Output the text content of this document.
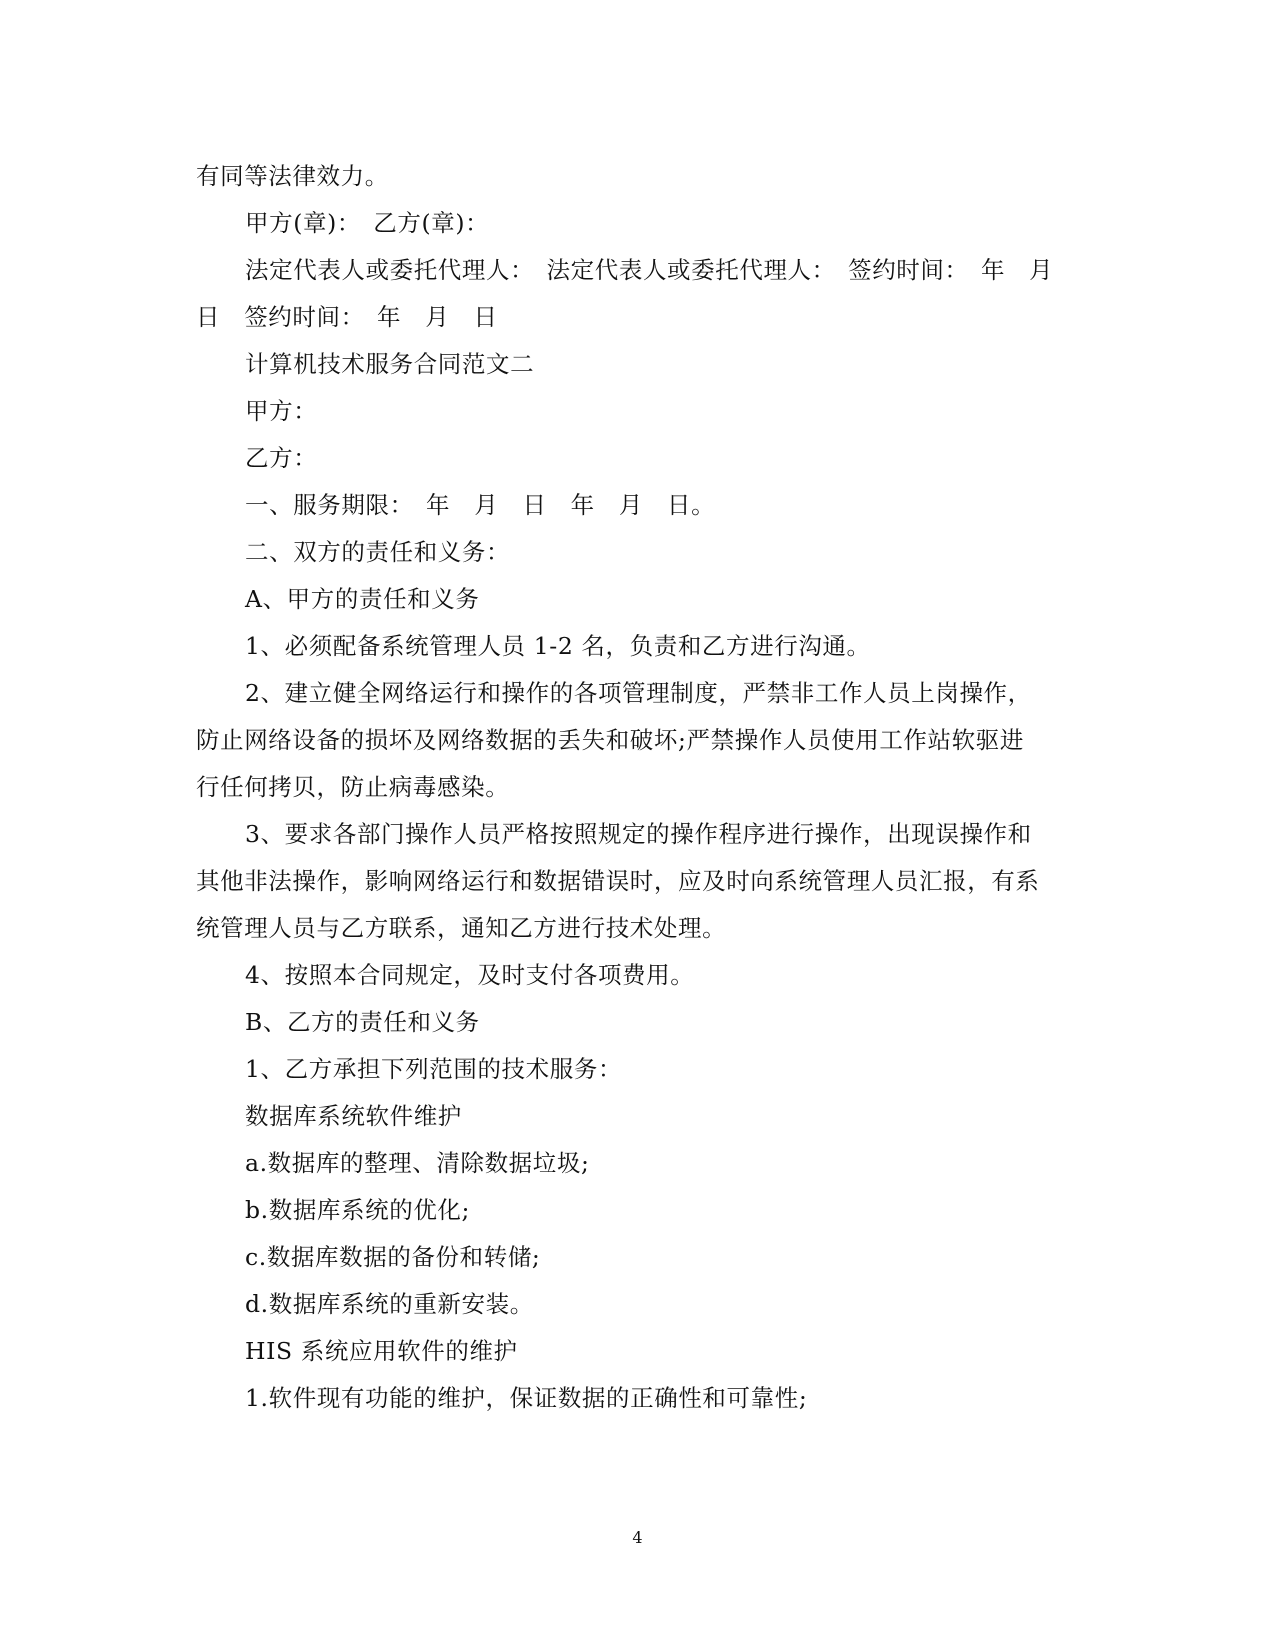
有同等法律效力。
甲方(章)：　乙方(章)：
法定代表人或委托代理人：　法定代表人或委托代理人：　签约时间：　年　月
日　签约时间：　年　月　日
计算机技术服务合同范文二
甲方：
乙方：
一、服务期限：　年　月　日　年　月　日。
二、双方的责任和义务：
A、甲方的责任和义务
1、必须配备系统管理人员 1-2 名，负责和乙方进行沟通。
2、建立健全网络运行和操作的各项管理制度，严禁非工作人员上岗操作，
防止网络设备的损坏及网络数据的丢失和破坏;严禁操作人员使用工作站软驱进
行任何拷贝，防止病毒感染。
3、要求各部门操作人员严格按照规定的操作程序进行操作，出现误操作和
其他非法操作，影响网络运行和数据错误时，应及时向系统管理人员汇报，有系
统管理人员与乙方联系，通知乙方进行技术处理。
4、按照本合同规定，及时支付各项费用。
B、乙方的责任和义务
1、乙方承担下列范围的技术服务：
数据库系统软件维护
a.数据库的整理、清除数据垃圾;
b.数据库系统的优化;
c.数据库数据的备份和转储;
d.数据库系统的重新安装。
HIS 系统应用软件的维护
1.软件现有功能的维护，保证数据的正确性和可靠性;
4
